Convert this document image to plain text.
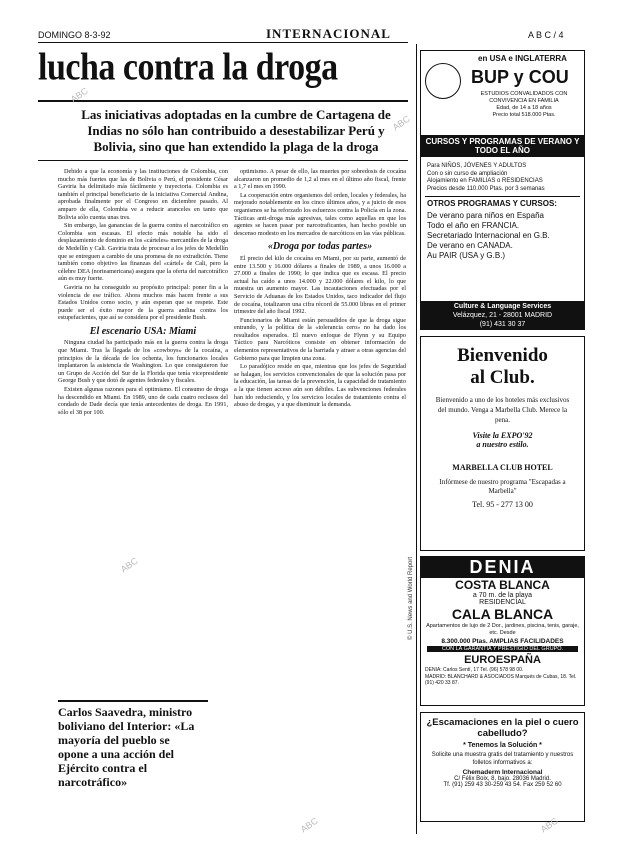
DOMINGO 8-3-92	INTERNACIONAL	A B C / 4
lucha contra la droga
Las iniciativas adoptadas en la cumbre de Cartagena de Indias no sólo han contribuido a desestabilizar Perú y Bolivia, sino que han extendido la plaga de la droga

Debido a que la economía y las instituciones de Colombia, con mucho más fuertes que las de Bolivia o Perú, el presidente César Gaviria ha delimitado más fácilmente y trayectoria. Colombia es también el principal beneficiario de la iniciativa Comercial Andina, aprobada finalmente por el Congreso en diciembre pasado. Al amparo de ella, Colombia ve a reducir aranceles en tanto que Bolivia sólo cuenta unas tres.

Sin embargo, las ganancias de la guerra contra el narcotráfico en Colombia son escasas. El efecto más notable ha sido el desplazamiento de dominio en los «cárteles» mercantiles de la droga de Medellín y Cali. Gaviria trata de procesar a los jefes de Medellín que se entreguen a cambio de una promesa de no extradición. Tiene también como objetivo las finanzas del «cártel» de Cali, pero la célebre DEA (norteamericana) asegura que la oferta del narcotráfico aún es muy fuerte.

Gaviria no ha conseguido su propósito principal: poner fin a la violencia de ese tráfico. Ahora muchos más hacen frente a sus Estados Unidos como socio, y aún esperan que se respete. Este puede ser el éxito mayor de la guerra andina contra los estupefacientes, que así se considera por el presidente Bush.

El escenario USA: Miami

Ninguna ciudad ha participado más en la guerra contra la droga que Miami. Tras la llegada de los «cowboys» de la cocaína, a principios de la década de los ochenta, los funcionarios locales implantaron la asistencia de Washington. Lo que consiguieron fue un Grupo de Acción del Sur de la Florida que tenía vicepresidente George Bush y que dotó de agentes federales y fiscales.

Existen algunas razones para el optimismo. El consumo de droga ha descendido en Miami. En 1989, uno de cada cuatro reclusos del condado de Dade decía que tenía antecedentes de droga. En 1991, sólo el 38 por 100.

Carlos Saavedra, ministro boliviano del Interior: «La mayoría del pueblo se opone a una acción del Ejército contra el narcotráfico»

optimismo. A pesar de ello, las muertes por sobredosis de cocaína alcanzaron un promedio de 1,2 al mes en el último año fiscal, frente a 1,7 el mes en 1990.

La cooperación entre organismos del orden, locales y federales, ha mejorado notablemente en los cinco últimos años, y a juicio de esos organismos se ha reforzado los esfuerzos contra la Policía en la zona. Tácticas anti-droga más agresivas, tales como aquellas en que los agentes se hacen pasar por narcotraficantes, han hecho posible un descenso modesto en los mercados de narcóticos en las vías públicas.

«Droga por todas partes»

El precio del kilo de cocaína en Miami, por su parte, aumentó de entre 13.500 y 16.000 dólares a finales de 1989, a unos 16.000 a 27.000 a finales de 1990; lo que indica que es escasa. El precio actual ha caído a unos 14.000 y 22.000 dólares el kilo, lo que muestra un aumento mayor. Las incautaciones efectuadas por el Servicio de Aduanas de los Estados Unidos, taco indicador del flujo de cocaína, totalizaron una cifra récord de 55.000 libras en el primer trimestre del año fiscal 1992.

Funcionarios de Miami están persuadidos de que la droga sigue entrando, y la política de la «tolerancia cero» no ha dado los resultados esperados. El nuevo enfoque de Flynn y su Equipo Táctico para Narcóticos consiste en obtener información de elementos representativos de la barriada y atraer a otras agencias del Gobierno para que limpien una zona.

Lo paradójico reside en que, mientras que los jefes de Seguridad se halagan, los servicios convencionales de que la solución pasa por la educación, las tareas de la prevención, la capacidad de tratamiento a la que tienen acceso aún son débiles. Las subvenciones federales han ido reduciendo, y los servicios locales de tratamiento contra el abuso de drogas, y a que disminuir la demanda.

© U.S. News and World Report
en USA e INGLATERRA
BUP y COU
ESTUDIOS CONVALIDADOS CON
CONVIVENCIA EN FAMILIA
Edad, de 14 a 18 años
Precio total 518.000 Ptas.
CURSOS Y PROGRAMAS DE VERANO Y TODO EL AÑO
Para NIÑOS, JÓVENES Y ADULTOS
Con o sin curso de ampliación
Alojamiento en FAMILIAS o RESIDENCIAS
Precios desde 110.000 Ptas. por 3 semanas
OTROS PROGRAMAS Y CURSOS:
De verano para niños en España
Todo el año en FRANCIA.
Secretariado Internacional en G.B.
De verano en CANADA.
Au PAIR (USA y G.B.)
Culture & Language Services
Velázquez, 21 - 28001 MADRID
(91) 431 30 37
Bienvenido
al Club.
Bienvenido a uno de los hoteles más exclusivos del mundo. Venga a Marbella Club. Merece la pena.
Visite la EXPO'92
a nuestro estilo.
MARBELLA CLUB HOTEL
Infórmese de nuestro programa "Escapadas a Marbella"
Tel. 95 - 277 13 00
DENIA
COSTA BLANCA
a 70 m. de la playa
RESIDENCIAL
CALA BLANCA
Apartamentos de lujo de 2 Dor., jardines, piscina, tenis, garaje, etc. Desde
8.300.000 Ptas. AMPLIAS FACILIDADES
CON LA GARANTÍA Y PRESTIGIO DEL GRUPO.
EUROESPAÑA
DENIA: Carlos Sentí, 17 Tel. (96) 578 98 00.
MADRID: BLANCHARD & ASOCIADOS Marqués de Cubas, 18. Tel. (91) 420 33 87.
¿Escamaciones en la piel o cuero cabelludo?
* Tenemos la Solución *
Solicite una muestra gratis del tratamiento y nuestros folletos informativos a:
Chemaderm Internacional
C/ Félix Boix, 8, bajo. 28036 Madrid.
Tf. (91) 259 43 30-259 43 54. Fax 259 52 60
ABC
ABC
ABC
ABC	ABC
